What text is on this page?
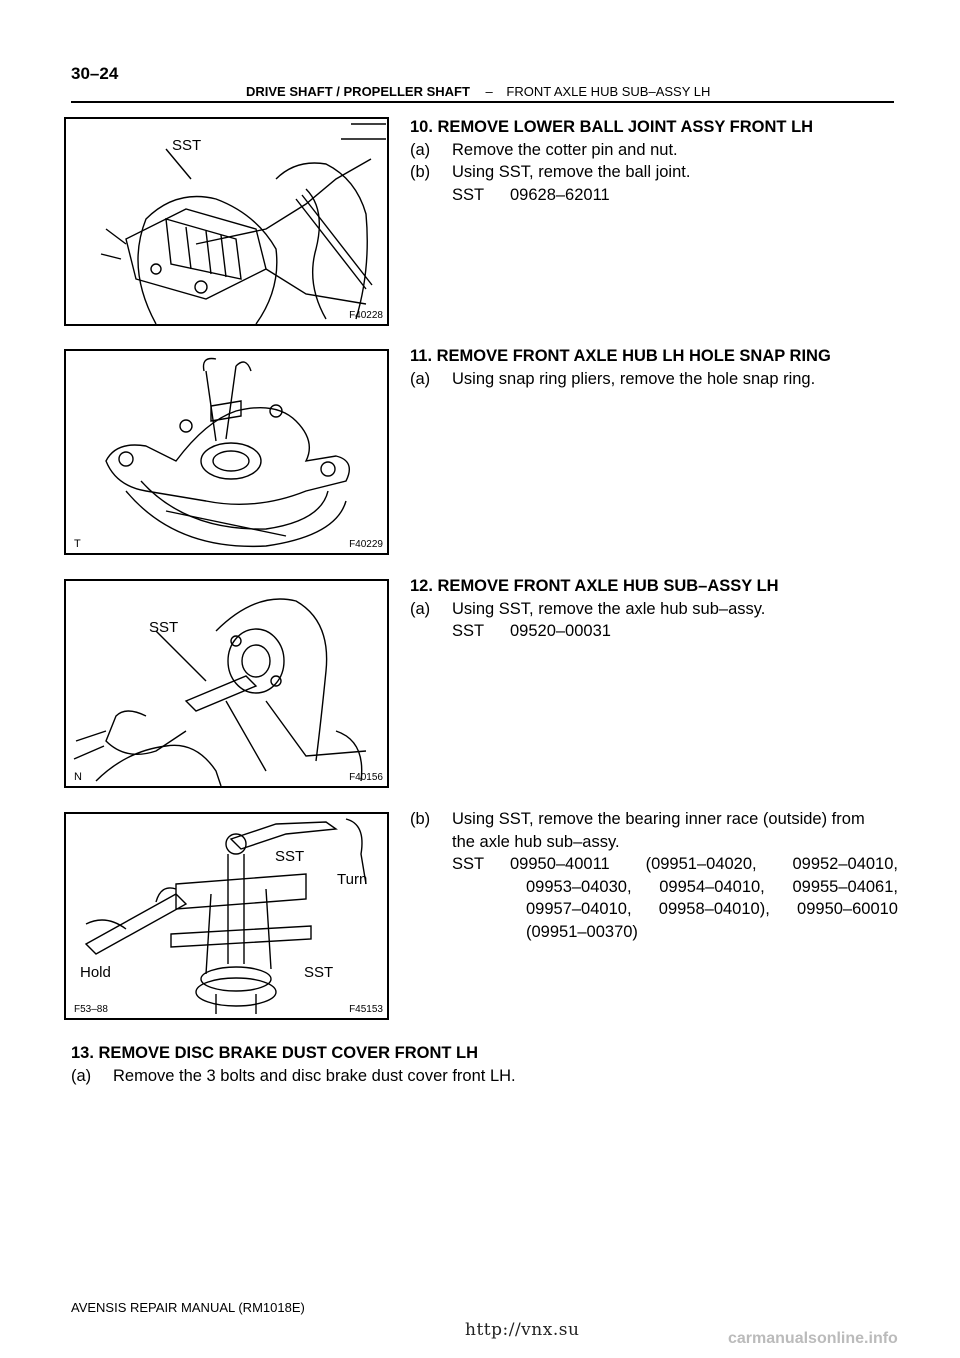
30–24
DRIVE SHAFT / PROPELLER SHAFT – FRONT AXLE HUB SUB–ASSY LH
SST
F40228
T	F40229
SST
N	F40156
SST
Turn
Hold	SST
F53–88	F45153
10. REMOVE LOWER BALL JOINT ASSY FRONT LH
(a)	Remove the cotter pin and nut.
(b)	Using SST, remove the ball joint.
SST 09628–62011
11. REMOVE FRONT AXLE HUB LH HOLE SNAP RING
(a)	Using snap ring pliers, remove the hole snap ring.
12. REMOVE FRONT AXLE HUB SUB–ASSY LH
(a)	Using SST, remove the axle hub sub–assy.
SST 09520–00031
(b)	Using SST, remove the bearing inner race (outside) from
the axle hub sub–assy.
SST	09950–40011 (09951–04020, 09952–04010,
09953–04030, 09954–04010, 09955–04061,
09957–04010, 09958–04010), 09950–60010
(09951–00370)
13. REMOVE DISC BRAKE DUST COVER FRONT LH
(a)	Remove the 3 bolts and disc brake dust cover front LH.
AVENSIS REPAIR MANUAL (RM1018E)
http://vnx.su	carmanualsonline.info
